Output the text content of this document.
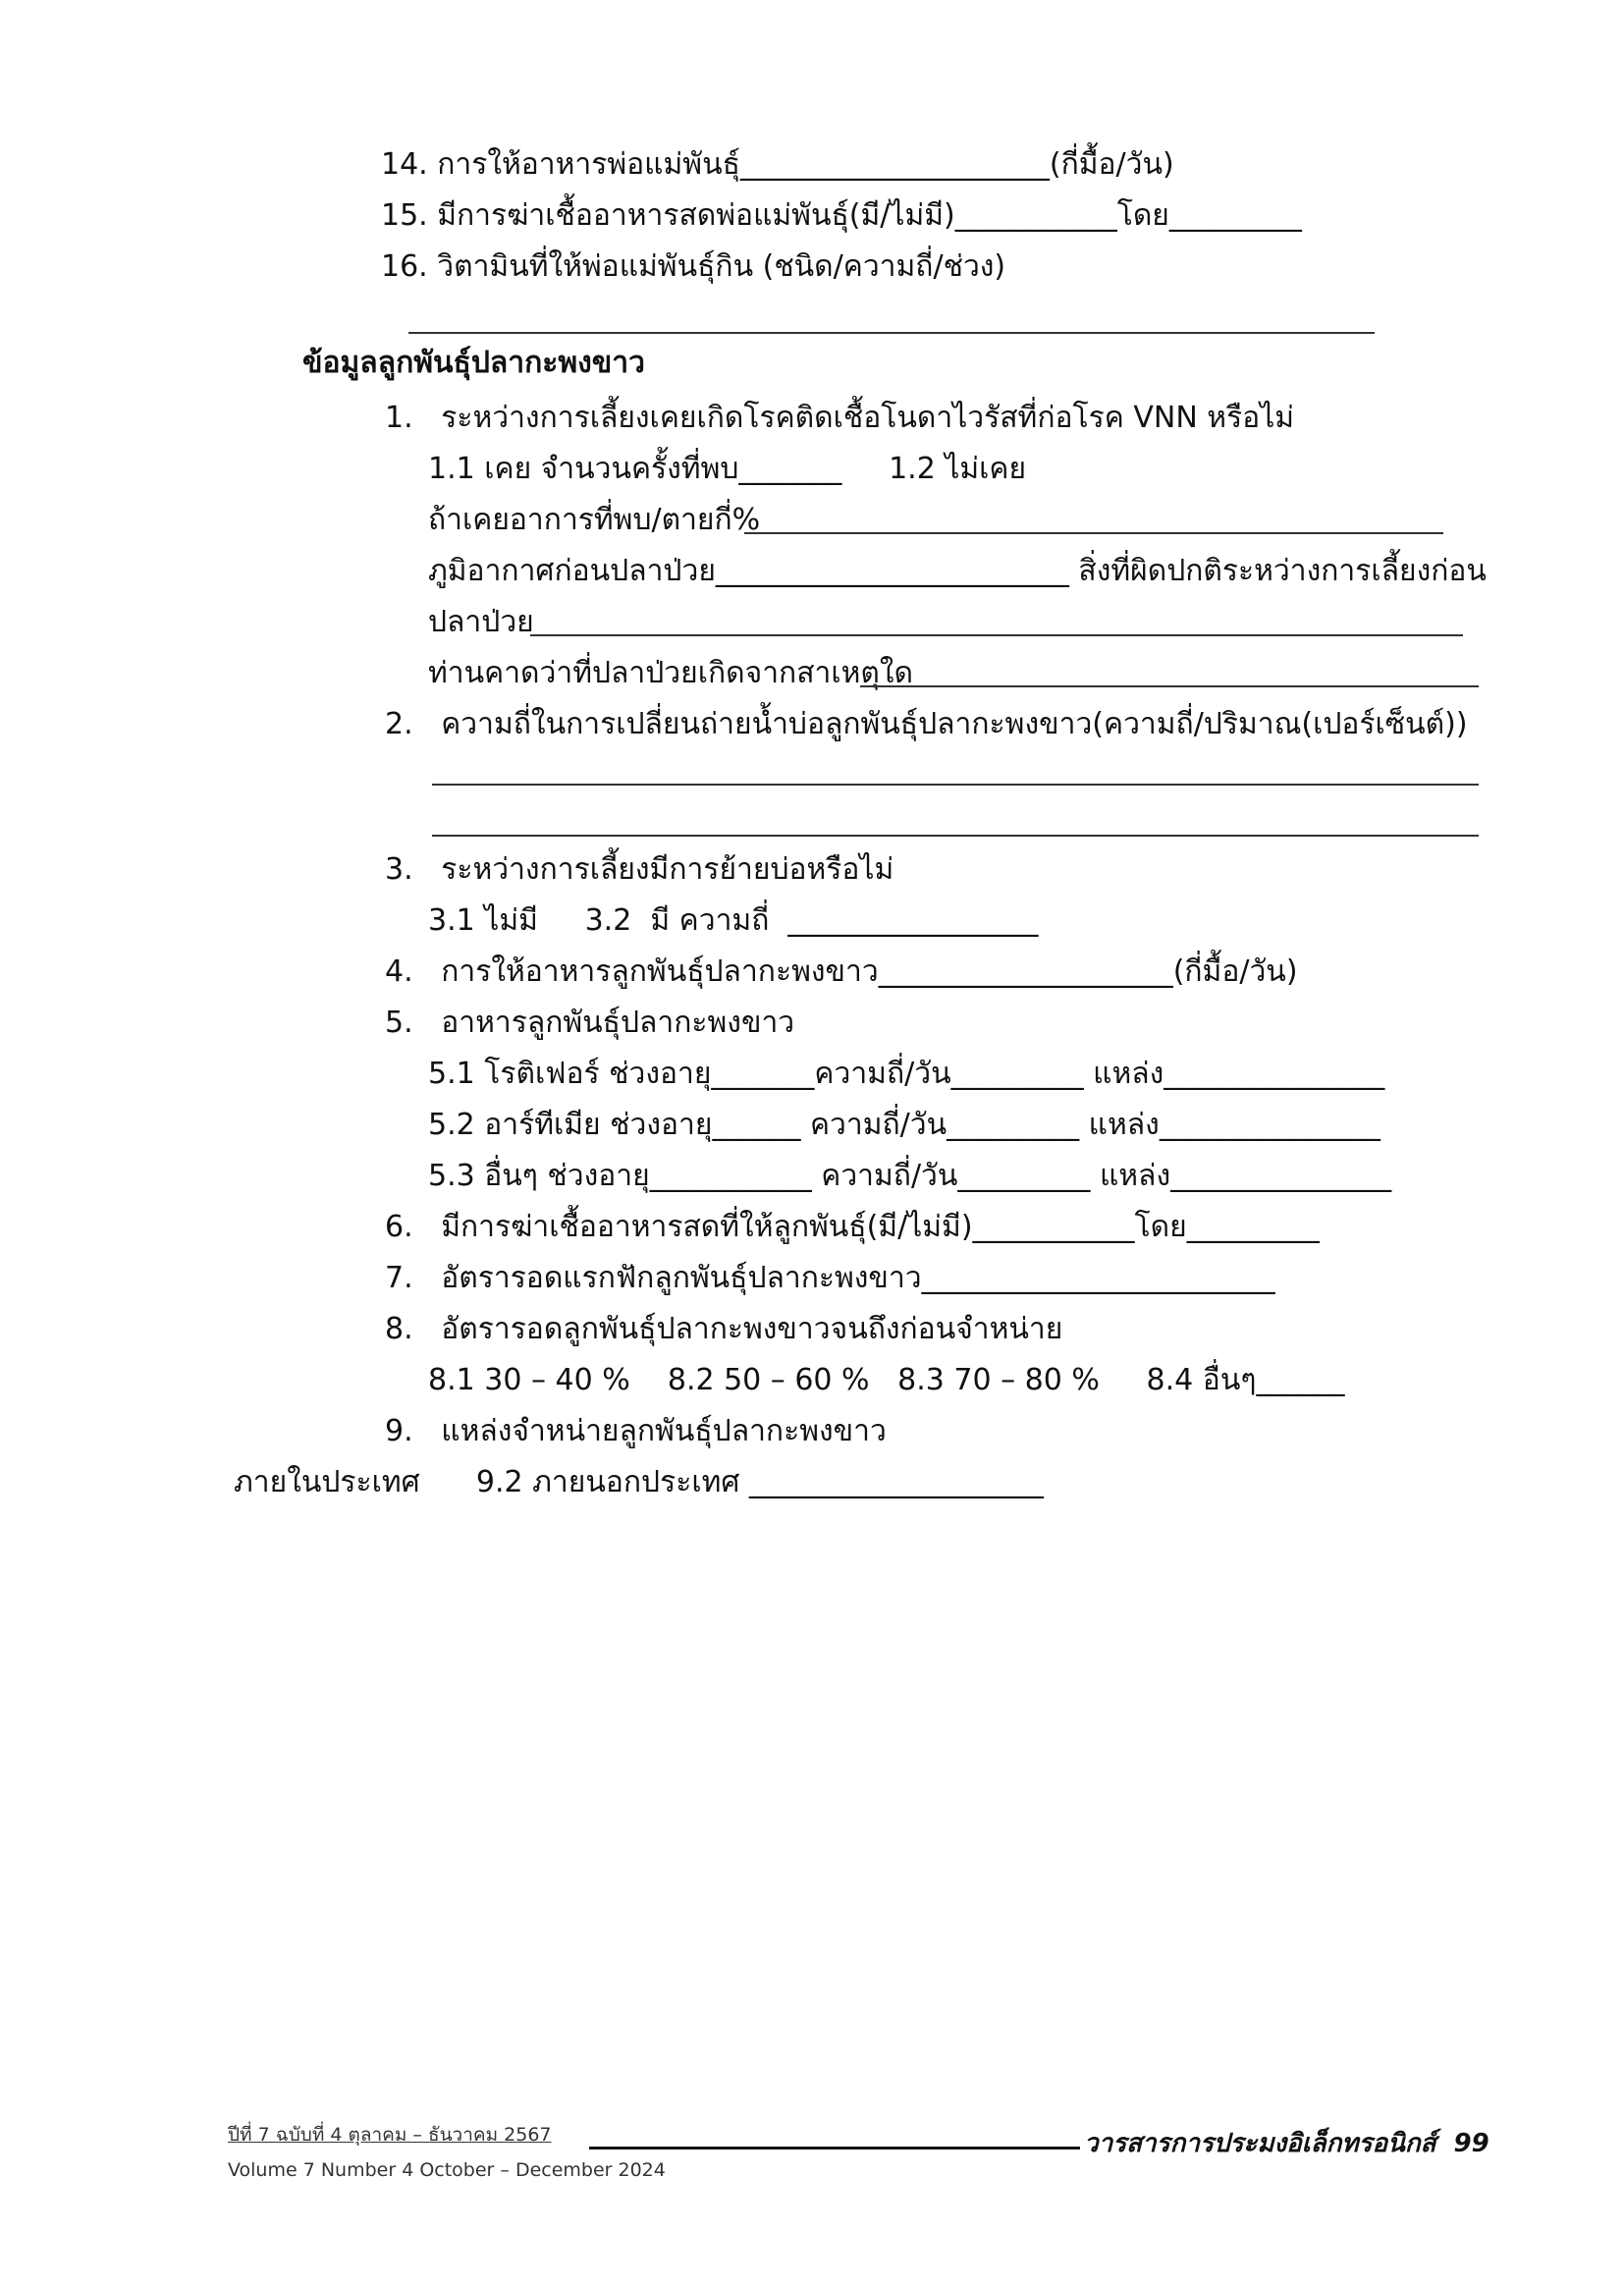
14. การให้อาหารพ่อแม่พันธุ์_____________________(กี่มื้อ/วัน)
15. มีการฆ่าเชื้ออาหารสดพ่อแม่พันธุ์(มี/ไม่มี)___________โดย_________
16. วิตามินที่ให้พ่อแม่พันธุ์กิน (ชนิด/ความถี่/ช่วง)
ข้อมูลลูกพันธุ์ปลากะพงขาว
1.   ระหว่างการเลี้ยงเคยเกิดโรคติดเชื้อโนดาไวรัสที่ก่อโรค VNN หรือไม่
1.1 เคย จำนวนครั้งที่พบ_______     1.2 ไม่เคย
ถ้าเคยอาการที่พบ/ตายกี่%
ภูมิอากาศก่อนปลาป่วย________________________ สิ่งที่ผิดปกติระหว่างการเลี้ยงก่อน
ปลาป่วย
ท่านคาดว่าที่ปลาป่วยเกิดจากสาเหตุใด
2.   ความถี่ในการเปลี่ยนถ่ายน้ำบ่อลูกพันธุ์ปลากะพงขาว(ความถี่/ปริมาณ(เปอร์เซ็นต์))
3.   ระหว่างการเลี้ยงมีการย้ายบ่อหรือไม่
3.1 ไม่มี     3.2  มี ความถี่  _________________
4.   การให้อาหารลูกพันธุ์ปลากะพงขาว____________________(กี่มื้อ/วัน)
5.   อาหารลูกพันธุ์ปลากะพงขาว
5.1 โรติเฟอร์ ช่วงอายุ_______ความถี่/วัน_________ แหล่ง_______________
5.2 อาร์ทีเมีย ช่วงอายุ______ ความถี่/วัน_________ แหล่ง_______________
5.3 อื่นๆ ช่วงอายุ___________ ความถี่/วัน_________ แหล่ง_______________
6.   มีการฆ่าเชื้ออาหารสดที่ให้ลูกพันธุ์(มี/ไม่มี)___________โดย_________
7.   อัตรารอดแรกฟักลูกพันธุ์ปลากะพงขาว________________________
8.   อัตรารอดลูกพันธุ์ปลากะพงขาวจนถึงก่อนจำหน่าย
8.1 30 – 40 %    8.2 50 – 60 %   8.3 70 – 80 %     8.4 อื่นๆ______
9.   แหล่งจำหน่ายลูกพันธุ์ปลากะพงขาว
ภายในประเทศ      9.2 ภายนอกประเทศ ____________________
ปีที่ 7 ฉบับที่ 4 ตุลาคม – ธันวาคม 2567	วารสารการประมงอิเล็กทรอนิกส์  99
Volume 7 Number 4 October – December 2024
